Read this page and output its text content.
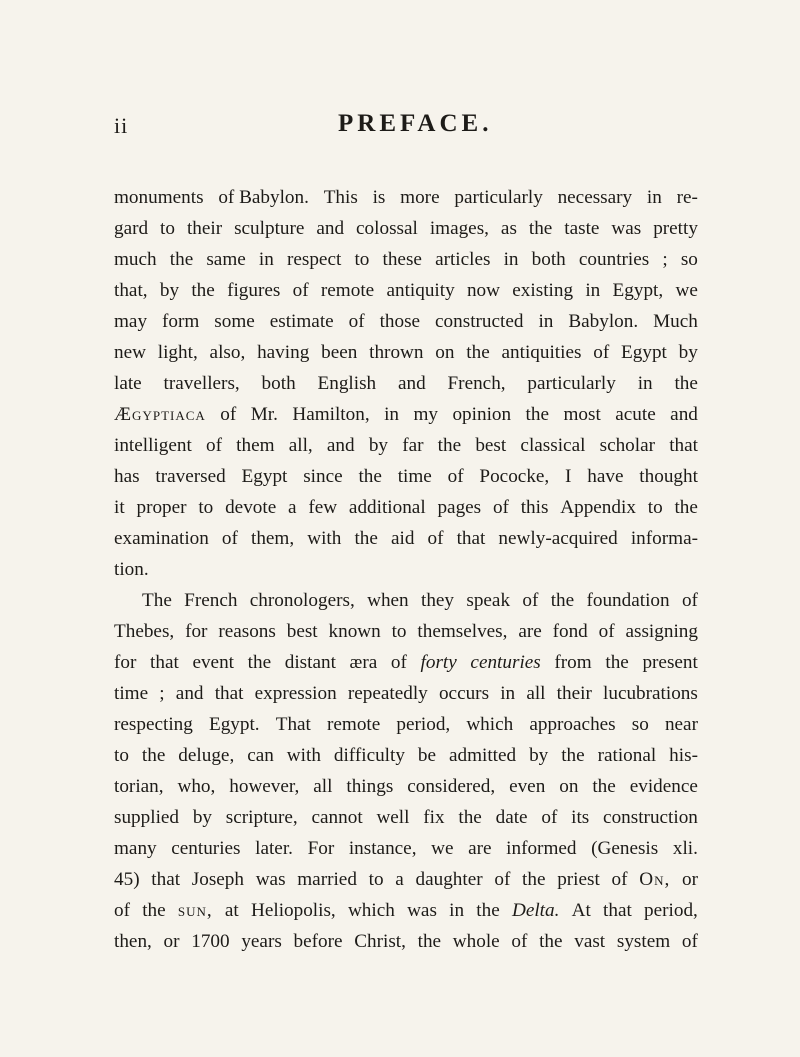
ii	PREFACE.
monuments of Babylon. This is more particularly necessary in re-
gard to their sculpture and colossal images, as the taste was pretty
much the same in respect to these articles in both countries ; so
that, by the figures of remote antiquity now existing in Egypt, we
may form some estimate of those constructed in Babylon. Much
new light, also, having been thrown on the antiquities of Egypt by
late travellers, both English and French, particularly in the
Ægyptiaca of Mr. Hamilton, in my opinion the most acute and
intelligent of them all, and by far the best classical scholar that
has traversed Egypt since the time of Pococke, I have thought
it proper to devote a few additional pages of this Appendix to the
examination of them, with the aid of that newly-acquired informa-
tion.
The French chronologers, when they speak of the foundation of
Thebes, for reasons best known to themselves, are fond of assigning
for that event the distant æra of forty centuries from the present
time ; and that expression repeatedly occurs in all their lucubrations
respecting Egypt. That remote period, which approaches so near
to the deluge, can with difficulty be admitted by the rational his-
torian, who, however, all things considered, even on the evidence
supplied by scripture, cannot well fix the date of its construction
many centuries later. For instance, we are informed (Genesis xli.
45) that Joseph was married to a daughter of the priest of On, or
of the sun, at Heliopolis, which was in the Delta. At that period,
then, or 1700 years before Christ, the whole of the vast system of
